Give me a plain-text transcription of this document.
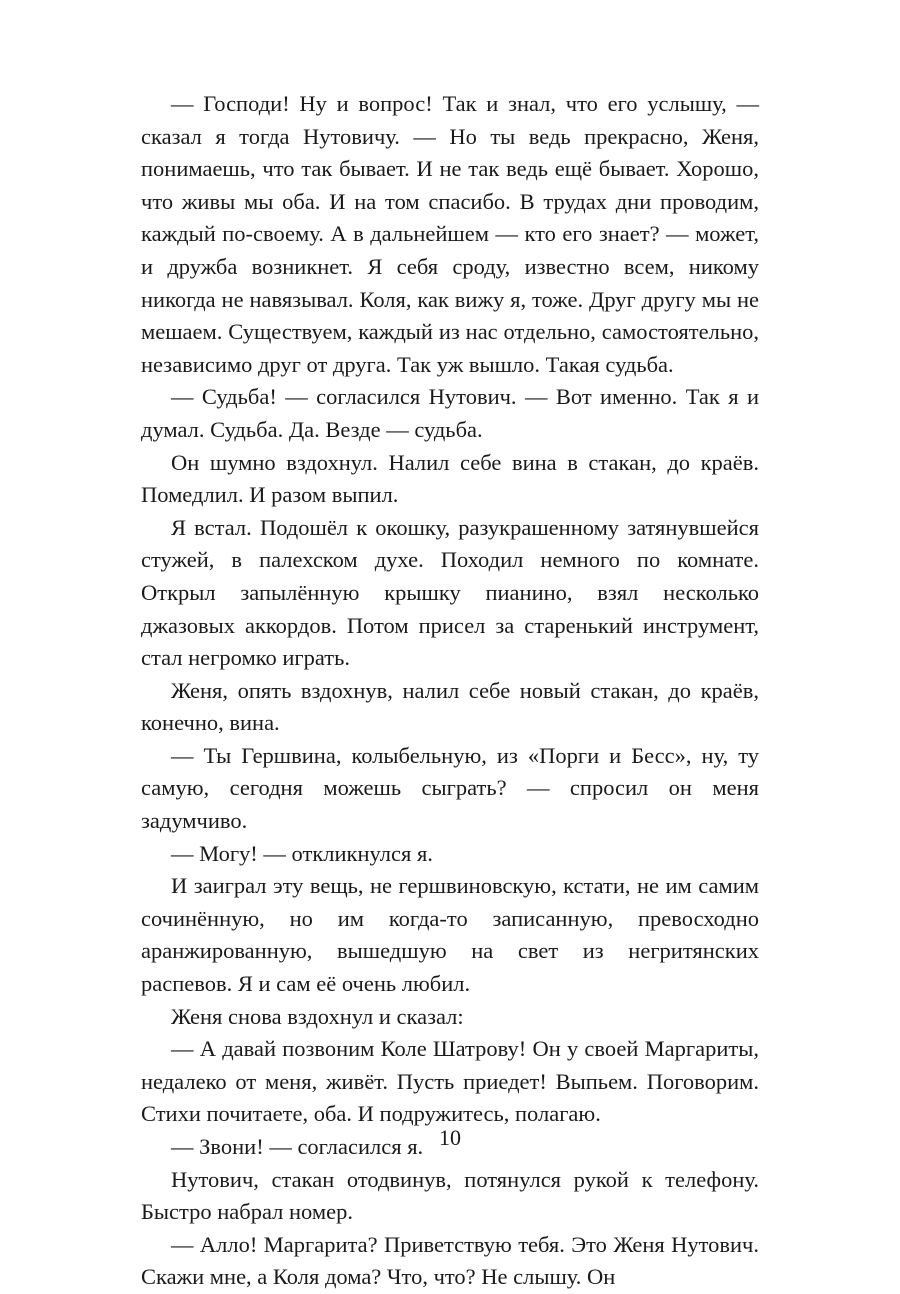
— Господи! Ну и вопрос! Так и знал, что его услышу, — сказал я тогда Нутовичу. — Но ты ведь прекрасно, Женя, понимаешь, что так бывает. И не так ведь ещё бывает. Хорошо, что живы мы оба. И на том спасибо. В трудах дни проводим, каждый по-своему. А в дальнейшем — кто его знает? — может, и дружба возникнет. Я себя сроду, известно всем, никому никогда не навязывал. Коля, как вижу я, тоже. Друг другу мы не мешаем. Существуем, каждый из нас отдельно, самостоятельно, независимо друг от друга. Так уж вышло. Такая судьба.

— Судьба! — согласился Нутович. — Вот именно. Так я и думал. Судьба. Да. Везде — судьба.

Он шумно вздохнул. Налил себе вина в стакан, до краёв. Помедлил. И разом выпил.

Я встал. Подошёл к окошку, разукрашенному затянувшейся стужей, в палехском духе. Походил немного по комнате. Открыл запылённую крышку пианино, взял несколько джазовых аккордов. Потом присел за старенький инструмент, стал негромко играть.

Женя, опять вздохнув, налил себе новый стакан, до краёв, конечно, вина.

— Ты Гершвина, колыбельную, из «Порги и Бесс», ну, ту самую, сегодня можешь сыграть? — спросил он меня задумчиво.

— Могу! — откликнулся я.

И заиграл эту вещь, не гершвиновскую, кстати, не им самим сочинённую, но им когда-то записанную, превосходно аранжированную, вышедшую на свет из негритянских распевов. Я и сам её очень любил.

Женя снова вздохнул и сказал:

— А давай позвоним Коле Шатрову! Он у своей Маргариты, недалеко от меня, живёт. Пусть приедет! Выпьем. Поговорим. Стихи почитаете, оба. И подружитесь, полагаю.

— Звони! — согласился я.

Нутович, стакан отодвинув, потянулся рукой к телефону. Быстро набрал номер.

— Алло! Маргарита? Приветствую тебя. Это Женя Нутович. Скажи мне, а Коля дома? Что, что? Не слышу. Он

10
